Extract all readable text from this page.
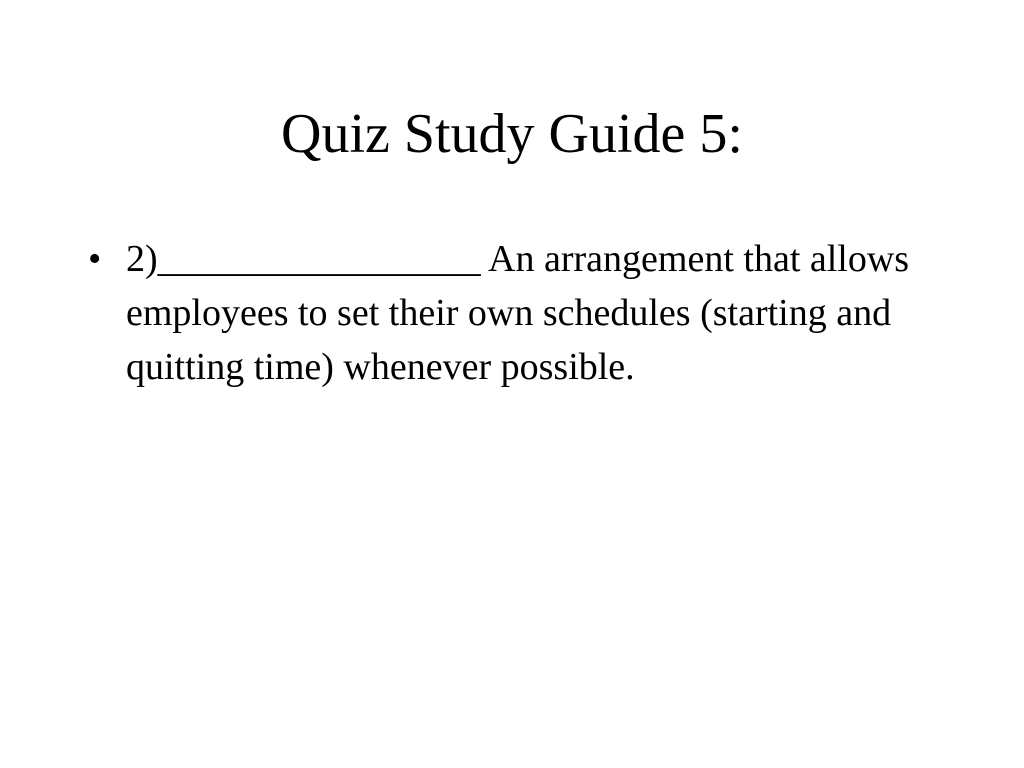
Quiz Study Guide 5:
• 2)_________________ An arrangement that allows employees to set their own schedules (starting and quitting time) whenever possible.
